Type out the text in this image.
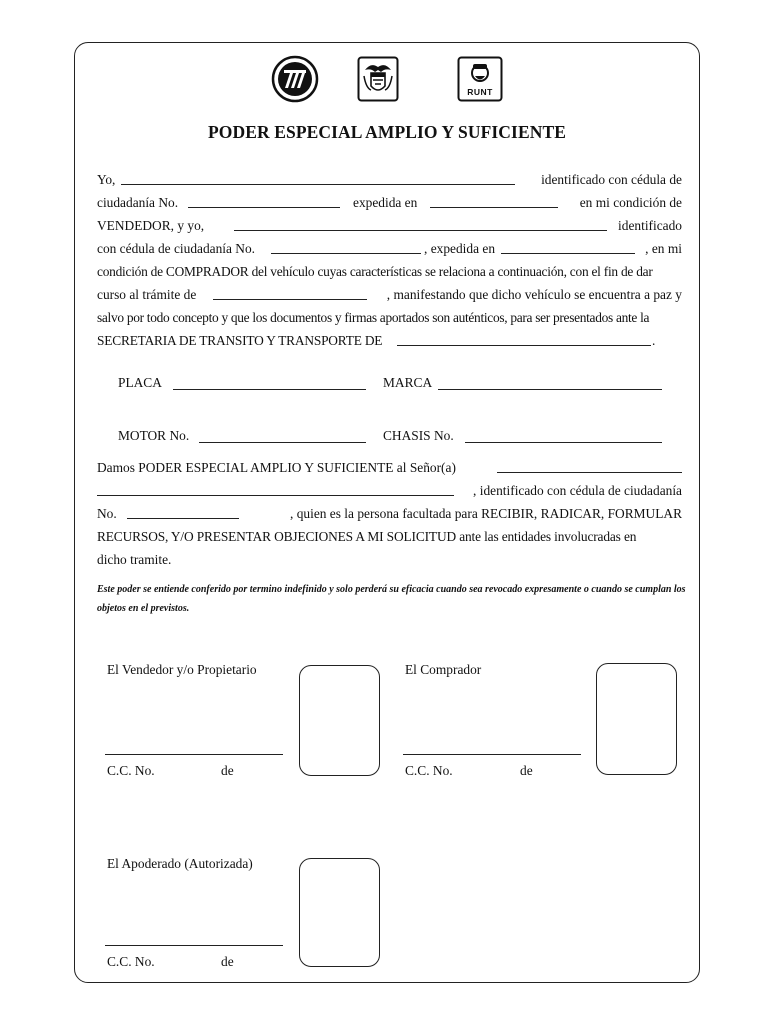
RUNT
PODER ESPECIAL AMPLIO Y SUFICIENTE
Yo,	identificado con cédula de
ciudadanía No.	expedida en	en mi condición de
VENDEDOR, y yo,	identificado
con cédula de ciudadanía No.	, expedida en	, en mi
condición de COMPRADOR del vehículo cuyas características se relaciona a continuación, con el fin de dar
curso al trámite de	, manifestando que dicho vehículo se encuentra a paz y
salvo por todo concepto y que los documentos y firmas aportados son auténticos, para ser presentados ante la
SECRETARIA DE TRANSITO Y TRANSPORTE DE	.
PLACA	MARCA
MOTOR No.	CHASIS No.
Damos PODER ESPECIAL AMPLIO Y SUFICIENTE al Señor(a)
, identificado con cédula de ciudadanía
No.	, quien es la persona facultada para RECIBIR, RADICAR, FORMULAR
RECURSOS, Y/O PRESENTAR OBJECIONES A MI SOLICITUD ante las entidades involucradas en
dicho tramite.
Este poder se entiende conferido por termino indefinido y solo perderá su eficacia cuando sea revocado expresamente o cuando se cumplan los objetos en el previstos.
El Vendedor y/o Propietario
C.C. No.	de
El Comprador
C.C. No.	de
El Apoderado (Autorizada)
C.C. No.	de
